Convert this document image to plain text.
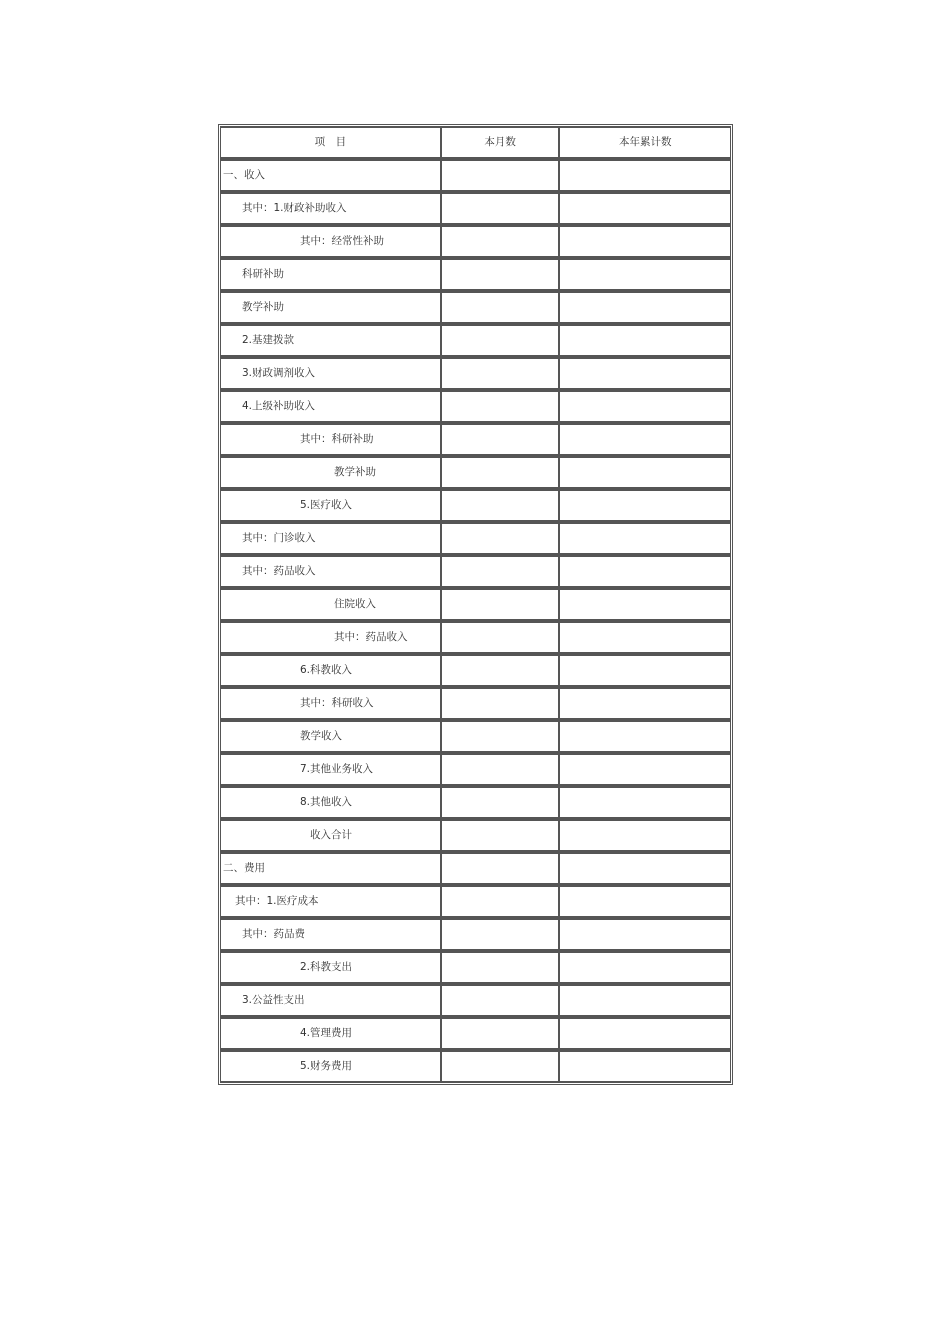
项　目	本月数	本年累计数
一、收入		
其中：1.财政补助收入		
其中：经常性补助		
科研补助		
教学补助		
2.基建拨款		
3.财政调剂收入		
4.上级补助收入		
其中：科研补助		
教学补助		
5.医疗收入		
其中：门诊收入		
其中：药品收入		
住院收入		
其中：药品收入		
6.科教收入		
其中：科研收入		
教学收入		
7.其他业务收入		
8.其他收入		
收入合计		
二、费用		
其中：1.医疗成本		
其中：药品费		
2.科教支出		
3.公益性支出		
4.管理费用		
5.财务费用		
